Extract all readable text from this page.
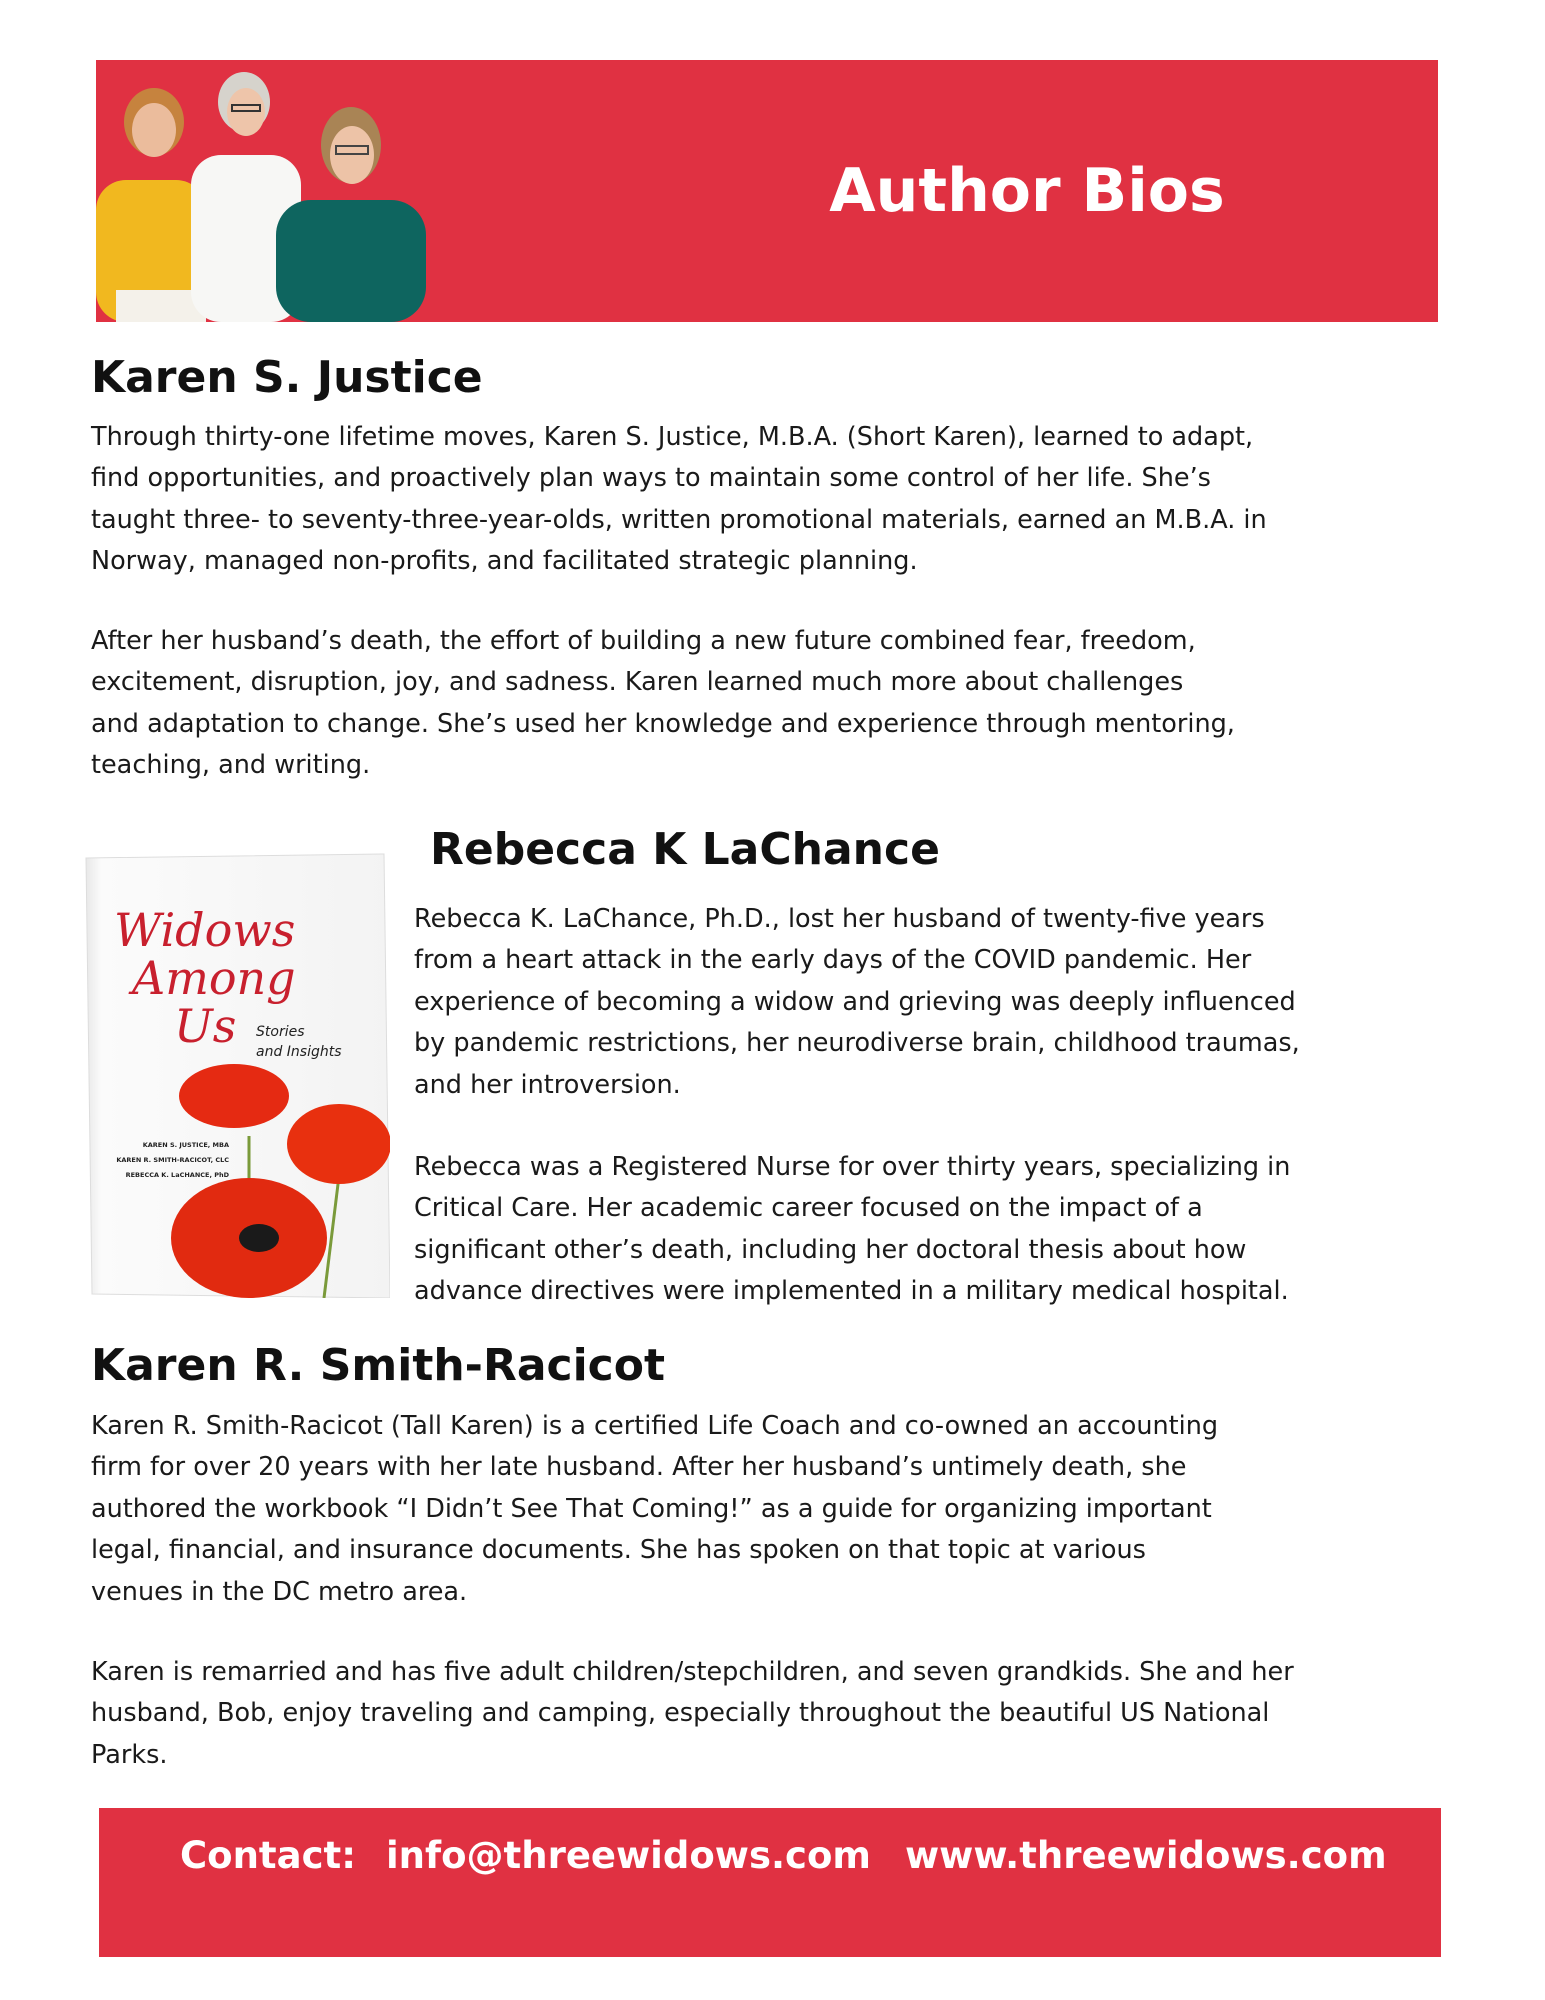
Author Bios
Karen S. Justice
Through thirty-one lifetime moves, Karen S. Justice, M.B.A. (Short Karen), learned to adapt,
find opportunities, and proactively plan ways to maintain some control of her life. She’s
taught three- to seventy-three-year-olds, written promotional materials, earned an M.B.A. in
Norway, managed non-profits, and facilitated strategic planning.
After her husband’s death, the effort of building a new future combined fear, freedom,
excitement, disruption, joy, and sadness. Karen learned much more about challenges
and adaptation to change. She’s used her knowledge and experience through mentoring,
teaching, and writing.
Widows
Among
Us Stories
and Insights
KAREN S. JUSTICE, MBA
KAREN R. SMITH-RACICOT, CLC
REBECCA K. LaCHANCE, PhD
Rebecca K LaChance
Rebecca K. LaChance, Ph.D., lost her husband of twenty-five years
from a heart attack in the early days of the COVID pandemic. Her
experience of becoming a widow and grieving was deeply influenced
by pandemic restrictions, her neurodiverse brain, childhood traumas,
and her introversion.
Rebecca was a Registered Nurse for over thirty years, specializing in
Critical Care. Her academic career focused on the impact of a
significant other’s death, including her doctoral thesis about how
advance directives were implemented in a military medical hospital.
Karen R. Smith-Racicot
Karen R. Smith-Racicot (Tall Karen) is a certified Life Coach and co-owned an accounting
firm for over 20 years with her late husband. After her husband’s untimely death, she
authored the workbook “I Didn’t See That Coming!” as a guide for organizing important
legal, financial, and insurance documents. She has spoken on that topic at various
venues in the DC metro area.
Karen is remarried and has five adult children/stepchildren, and seven grandkids. She and her
husband, Bob, enjoy traveling and camping, especially throughout the beautiful US National
Parks.
Contact: info@threewidows.com www.threewidows.com
